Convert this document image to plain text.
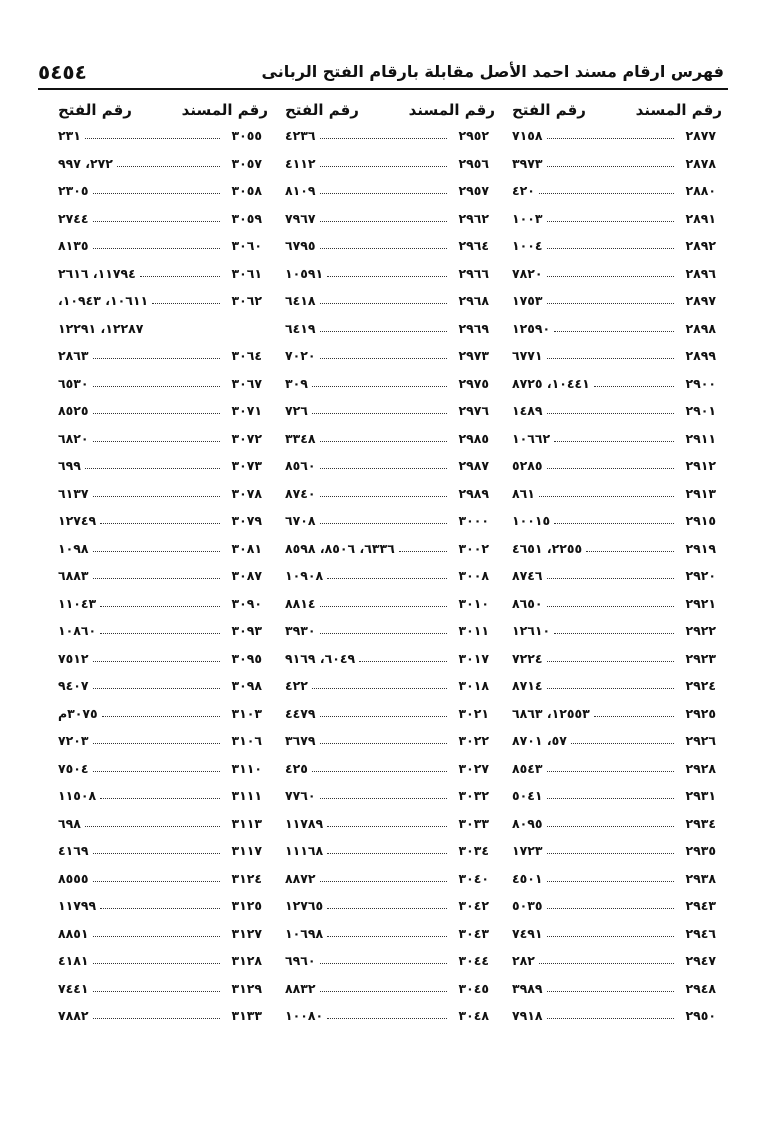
٥٤٥٤	فهرس ارقام مسند احمد الأصل مقابلة بارقام الفتح الربانى
رقم المسند
رقم الفتح
٢٨٧٧
٧١٥٨
٢٨٧٨
٣٩٧٣
٢٨٨٠
٤٢٠
٢٨٩١
١٠٠٣
٢٨٩٢
١٠٠٤
٢٨٩٦
٧٨٢٠
٢٨٩٧
١٧٥٣
٢٨٩٨
١٢٥٩٠
٢٨٩٩
٦٧٧١
٢٩٠٠
١٠٤٤١، ٨٧٢٥
٢٩٠١
١٤٨٩
٢٩١١
١٠٦٦٢
٢٩١٢
٥٢٨٥
٢٩١٣
٨٦١
٢٩١٥
١٠٠١٥
٢٩١٩
٢٢٥٥، ٤٦٥١
٢٩٢٠
٨٧٤٦
٢٩٢١
٨٦٥٠
٢٩٢٢
١٢٦١٠
٢٩٢٣
٧٢٢٤
٢٩٢٤
٨٧١٤
٢٩٢٥
١٢٥٥٣، ٦٨٦٣
٢٩٢٦
٥٧، ٨٧٠١
٢٩٢٨
٨٥٤٣
٢٩٣١
٥٠٤١
٢٩٣٤
٨٠٩٥
٢٩٣٥
١٧٢٣
٢٩٣٨
٤٥٠١
٢٩٤٣
٥٠٣٥
٢٩٤٦
٧٤٩١
٢٩٤٧
٢٨٢
٢٩٤٨
٣٩٨٩
٢٩٥٠
٧٩١٨
رقم المسند
رقم الفتح
٢٩٥٢
٤٢٣٦
٢٩٥٦
٤١١٢
٢٩٥٧
٨١٠٩
٢٩٦٢
٧٩٦٧
٢٩٦٤
٦٧٩٥
٢٩٦٦
١٠٥٩١
٢٩٦٨
٦٤١٨
٢٩٦٩
٦٤١٩
٢٩٧٣
٧٠٢٠
٢٩٧٥
٣٠٩
٢٩٧٦
٧٢٦
٢٩٨٥
٣٣٤٨
٢٩٨٧
٨٥٦٠
٢٩٨٩
٨٧٤٠
٣٠٠٠
٦٧٠٨
٣٠٠٢
٦٣٣٦، ٨٥٠٦، ٨٥٩٨
٣٠٠٨
١٠٩٠٨
٣٠١٠
٨٨١٤
٣٠١١
٣٩٣٠
٣٠١٧
٦٠٤٩، ٩١٦٩
٣٠١٨
٤٢٢
٣٠٢١
٤٤٧٩
٣٠٢٢
٣٦٧٩
٣٠٢٧
٤٢٥
٣٠٣٢
٧٧٦٠
٣٠٣٣
١١٧٨٩
٣٠٣٤
١١١٦٨
٣٠٤٠
٨٨٧٢
٣٠٤٢
١٢٧٦٥
٣٠٤٣
١٠٦٩٨
٣٠٤٤
٦٩٦٠
٣٠٤٥
٨٨٣٢
٣٠٤٨
١٠٠٨٠
رقم المسند
رقم الفتح
٣٠٥٥
٢٣١
٣٠٥٧
٢٧٢، ٩٩٧
٣٠٥٨
٢٣٠٥
٣٠٥٩
٢٧٤٤
٣٠٦٠
٨١٣٥
٣٠٦١
١١٧٩٤، ٢٦١٦
٣٠٦٢
١٠٦١١، ١٠٩٤٣،
١٢٢٨٧، ١٢٢٩١
٣٠٦٤
٢٨٦٣
٣٠٦٧
٦٥٣٠
٣٠٧١
٨٥٢٥
٣٠٧٢
٦٨٢٠
٣٠٧٣
٦٩٩
٣٠٧٨
٦١٣٧
٣٠٧٩
١٢٧٤٩
٣٠٨١
١٠٩٨
٣٠٨٧
٦٨٨٣
٣٠٩٠
١١٠٤٣
٣٠٩٣
١٠٨٦٠
٣٠٩٥
٧٥١٢
٣٠٩٨
٩٤٠٧
٣١٠٣
٣٠٧٥م
٣١٠٦
٧٢٠٣
٣١١٠
٧٥٠٤
٣١١١
١١٥٠٨
٣١١٣
٦٩٨
٣١١٧
٤١٦٩
٣١٢٤
٨٥٥٥
٣١٢٥
١١٧٩٩
٣١٢٧
٨٨٥١
٣١٢٨
٤١٨١
٣١٢٩
٧٤٤١
٣١٣٣
٧٨٨٢
